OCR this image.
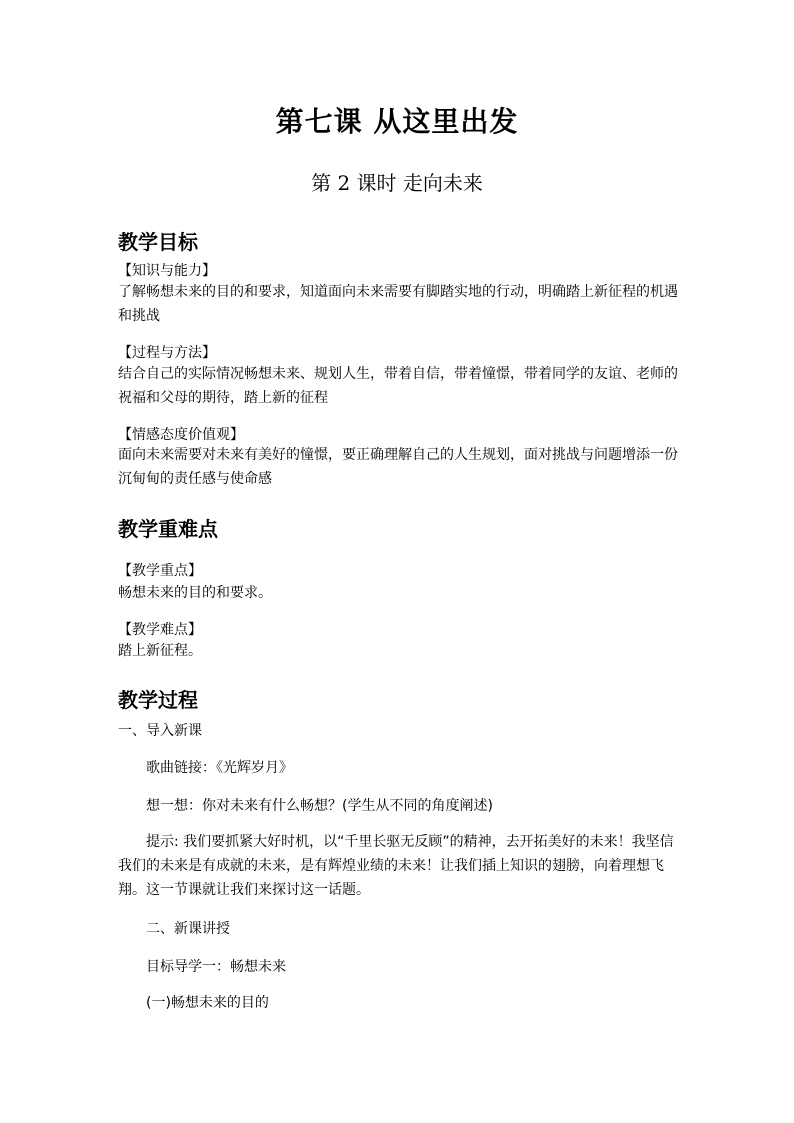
第七课 从这里出发
第 2 课时 走向未来
教学目标
【知识与能力】
了解畅想未来的目的和要求，知道面向未来需要有脚踏实地的行动，明确踏上新征程的机遇和挑战
【过程与方法】
结合自己的实际情况畅想未来、规划人生，带着自信，带着憧憬，带着同学的友谊、老师的祝福和父母的期待，踏上新的征程
【情感态度价值观】
面向未来需要对未来有美好的憧憬，要正确理解自己的人生规划，面对挑战与问题增添一份沉甸甸的责任感与使命感
教学重难点
【教学重点】
畅想未来的目的和要求。
【教学难点】
踏上新征程。
教学过程
一、导入新课
歌曲链接：《光辉岁月》
想一想：你对未来有什么畅想？(学生从不同的角度阐述)
提示: 我们要抓紧大好时机，以“千里长驱无反顾”的精神，去开拓美好的未来！我坚信我们的未来是有成就的未来，是有辉煌业绩的未来！让我们插上知识的翅膀，向着理想飞翔。这一节课就让我们来探讨这一话题。
二、新课讲授
目标导学一：畅想未来
(一)畅想未来的目的
